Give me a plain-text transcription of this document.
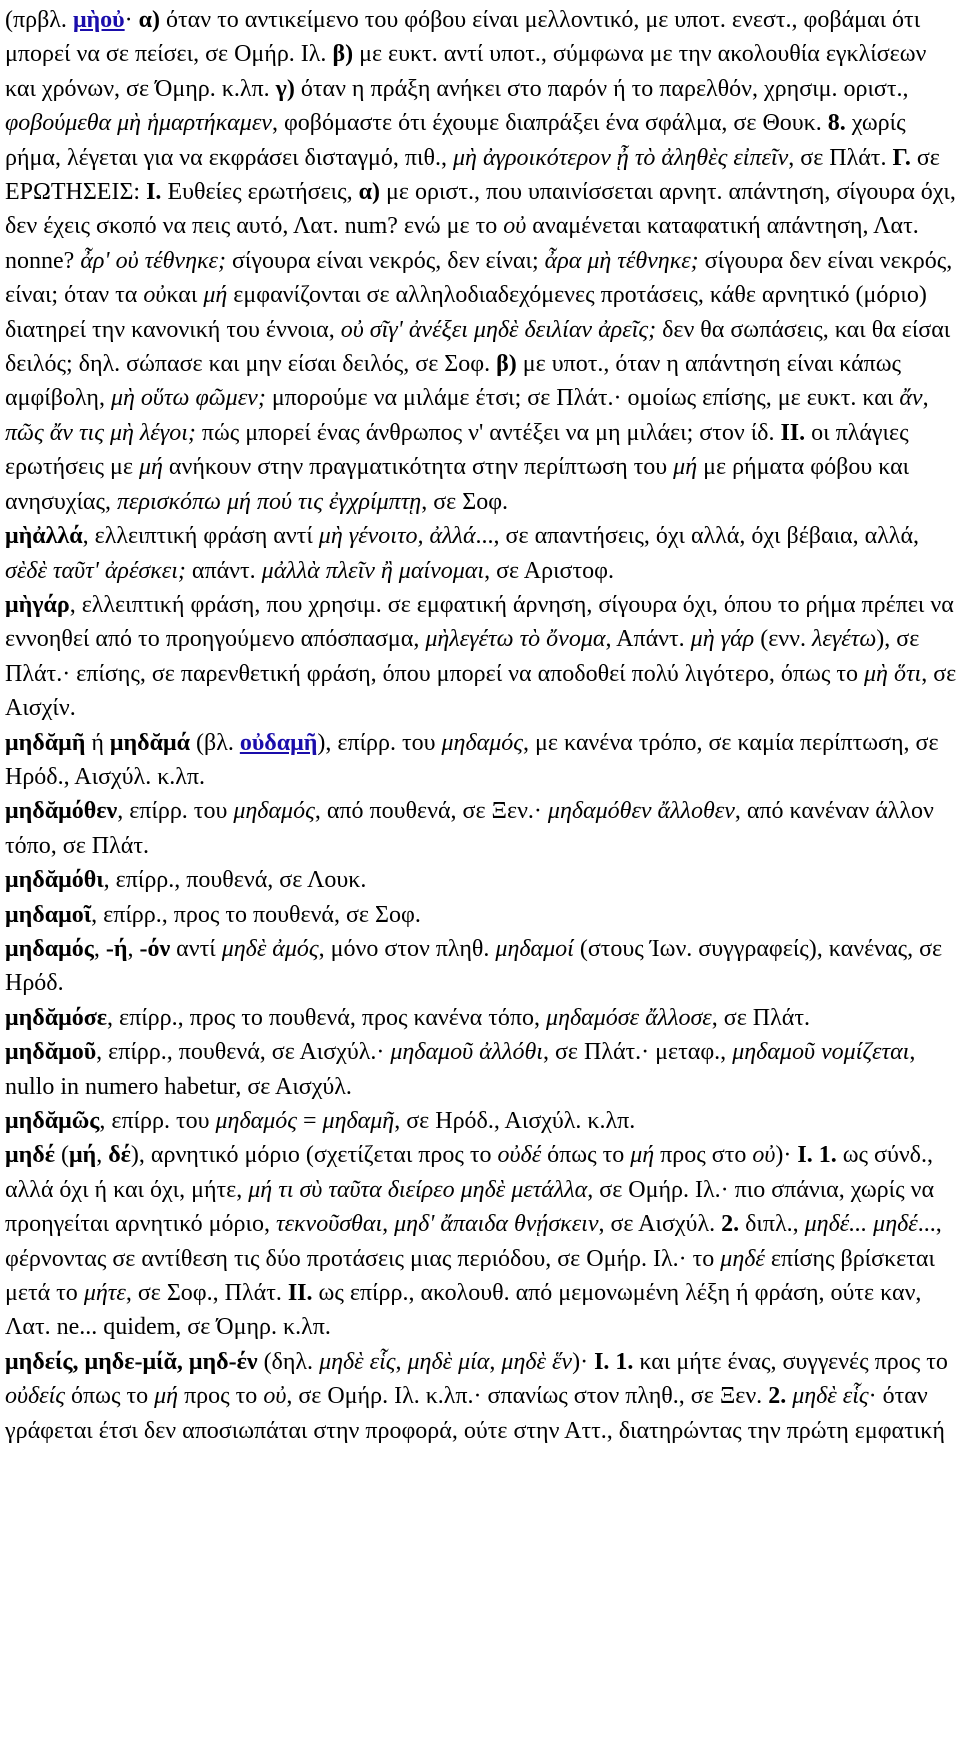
(πρβλ. μὴοὐ· α) όταν το αντικείμενο του φόβου είναι μελλοντικό, με υποτ. ενεστ., φοβάμαι ότι μπορεί να σε πείσει, σε Ομήρ. Ιλ. β) με ευκτ. αντί υποτ., σύμφωνα με την ακολουθία εγκλίσεων και χρόνων, σε Όμηρ. κ.λπ. γ) όταν η πράξη ανήκει στο παρόν ή το παρελθόν, χρησιμ. οριστ., φοβούμεθα μὴ ἡμαρτήκαμεν, φοβόμαστε ότι έχουμε διαπράξει ένα σφάλμα, σε Θουκ. 8. χωρίς ρήμα, λέγεται για να εκφράσει δισταγμό, πιθ., μὴ ἀγροικότερον ᾖ τὸ ἀληθὲς εἰπεῖν, σε Πλάτ. Γ. σε ΕΡΩΤΗΣΕΙΣ: I. Ευθείες ερωτήσεις, α) με οριστ., που υπαινίσσεται αρνητ. απάντηση, σίγουρα όχι, δεν έχεις σκοπό να πεις αυτό, Λατ. num? ενώ με το οὐ αναμένεται καταφατική απάντηση, Λατ. nonne? ἆρ' οὐ τέθνηκε; σίγουρα είναι νεκρός, δεν είναι; ἆρα μὴ τέθνηκε; σίγουρα δεν είναι νεκρός, είναι; όταν τα οὐκαι μή εμφανίζονται σε αλληλοδιαδεχόμενες προτάσεις, κάθε αρνητικό (μόριο) διατηρεί την κανονική του έννοια, οὐ σῖγ' ἀνέξει μηδὲ δειλίαν ἀρεῖς; δεν θα σωπάσεις, και θα είσαι δειλός; δηλ. σώπασε και μην είσαι δειλός, σε Σοφ. β) με υποτ., όταν η απάντηση είναι κάπως αμφίβολη, μὴ οὕτω φῶμεν; μπορούμε να μιλάμε έτσι; σε Πλάτ.· ομοίως επίσης, με ευκτ. και ἄν, πῶς ἄν τις μὴ λέγοι; πώς μπορεί ένας άνθρωπος ν' αντέξει να μη μιλάει; στον ίδ. II. οι πλάγιες ερωτήσεις με μή ανήκουν στην πραγματικότητα στην περίπτωση του μή με ρήματα φόβου και ανησυχίας, περισκόπω μή πού τις ἐγχρίμπτῃ, σε Σοφ.
μὴἀλλά, ελλειπτική φράση αντί μὴ γένοιτο, ἀλλά..., σε απαντήσεις, όχι αλλά, όχι βέβαια, αλλά, σὲδὲ ταῦτ' ἀρέσκει; απάντ. μἀλλὰ πλεῖν ἢ μαίνομαι, σε Αριστοφ.
μὴγάρ, ελλειπτική φράση, που χρησιμ. σε εμφατική άρνηση, σίγουρα όχι, όπου το ρήμα πρέπει να εννοηθεί από το προηγούμενο απόσπασμα, μὴλεγέτω τὸ ὄνομα, Απάντ. μὴ γάρ (ενν. λεγέτω), σε Πλάτ.· επίσης, σε παρενθετική φράση, όπου μπορεί να αποδοθεί πολύ λιγότερο, όπως το μὴ ὅτι, σε Αισχίν.
μηδᾰμῆ ή μηδᾰμά (βλ. οὐδαμῆ), επίρρ. του μηδαμός, με κανένα τρόπο, σε καμία περίπτωση, σε Ηρόδ., Αισχύλ. κ.λπ.
μηδᾰμόθεν, επίρρ. του μηδαμός, από πουθενά, σε Ξεν.· μηδαμόθεν ἄλλοθεν, από κανέναν άλλον τόπο, σε Πλάτ.
μηδᾰμόθι, επίρρ., πουθενά, σε Λουκ.
μηδαμοῖ, επίρρ., προς το πουθενά, σε Σοφ.
μηδαμός, -ή, -όν αντί μηδὲ ἀμός, μόνο στον πληθ. μηδαμοί (στους Ίων. συγγραφείς), κανένας, σε Ηρόδ.
μηδᾰμόσε, επίρρ., προς το πουθενά, προς κανένα τόπο, μηδαμόσε ἄλλοσε, σε Πλάτ.
μηδᾰμοῦ, επίρρ., πουθενά, σε Αισχύλ.· μηδαμοῦ ἀλλόθι, σε Πλάτ.· μεταφ., μηδαμοῦ νομίζεται, nullo in numero habetur, σε Αισχύλ.
μηδᾰμῶς, επίρρ. του μηδαμός = μηδαμῆ, σε Ηρόδ., Αισχύλ. κ.λπ.
μηδέ (μή, δέ), αρνητικό μόριο (σχετίζεται προς το οὐδέ όπως το μή προς στο οὐ)· I. 1. ως σύνδ., αλλά όχι ή και όχι, μήτε, μή τι σὺ ταῦτα διείρεο μηδὲ μετάλλα, σε Ομήρ. Ιλ.· πιο σπάνια, χωρίς να προηγείται αρνητικό μόριο, τεκνοῦσθαι, μηδ' ἄπαιδα θνῄσκειν, σε Αισχύλ. 2. διπλ., μηδέ... μηδέ..., φέρνοντας σε αντίθεση τις δύο προτάσεις μιας περιόδου, σε Ομήρ. Ιλ.· το μηδέ επίσης βρίσκεται μετά το μήτε, σε Σοφ., Πλάτ. II. ως επίρρ., ακολουθ. από μεμονωμένη λέξη ή φράση, ούτε καν, Λατ. ne... quidem, σε Όμηρ. κ.λπ.
μηδείς, μηδε-μίᾰ, μηδ-έν (δηλ. μηδὲ εἷς, μηδὲ μία, μηδὲ ἕν)· I. 1. και μήτε ένας, συγγενές προς το οὐδείς όπως το μή προς το οὐ, σε Ομήρ. Ιλ. κ.λπ.· σπανίως στον πληθ., σε Ξεν. 2. μηδὲ εἷς· όταν γράφεται έτσι δεν αποσιωπάται στην προφορά, ούτε στην Αττ., διατηρώντας την πρώτη εμφατική
